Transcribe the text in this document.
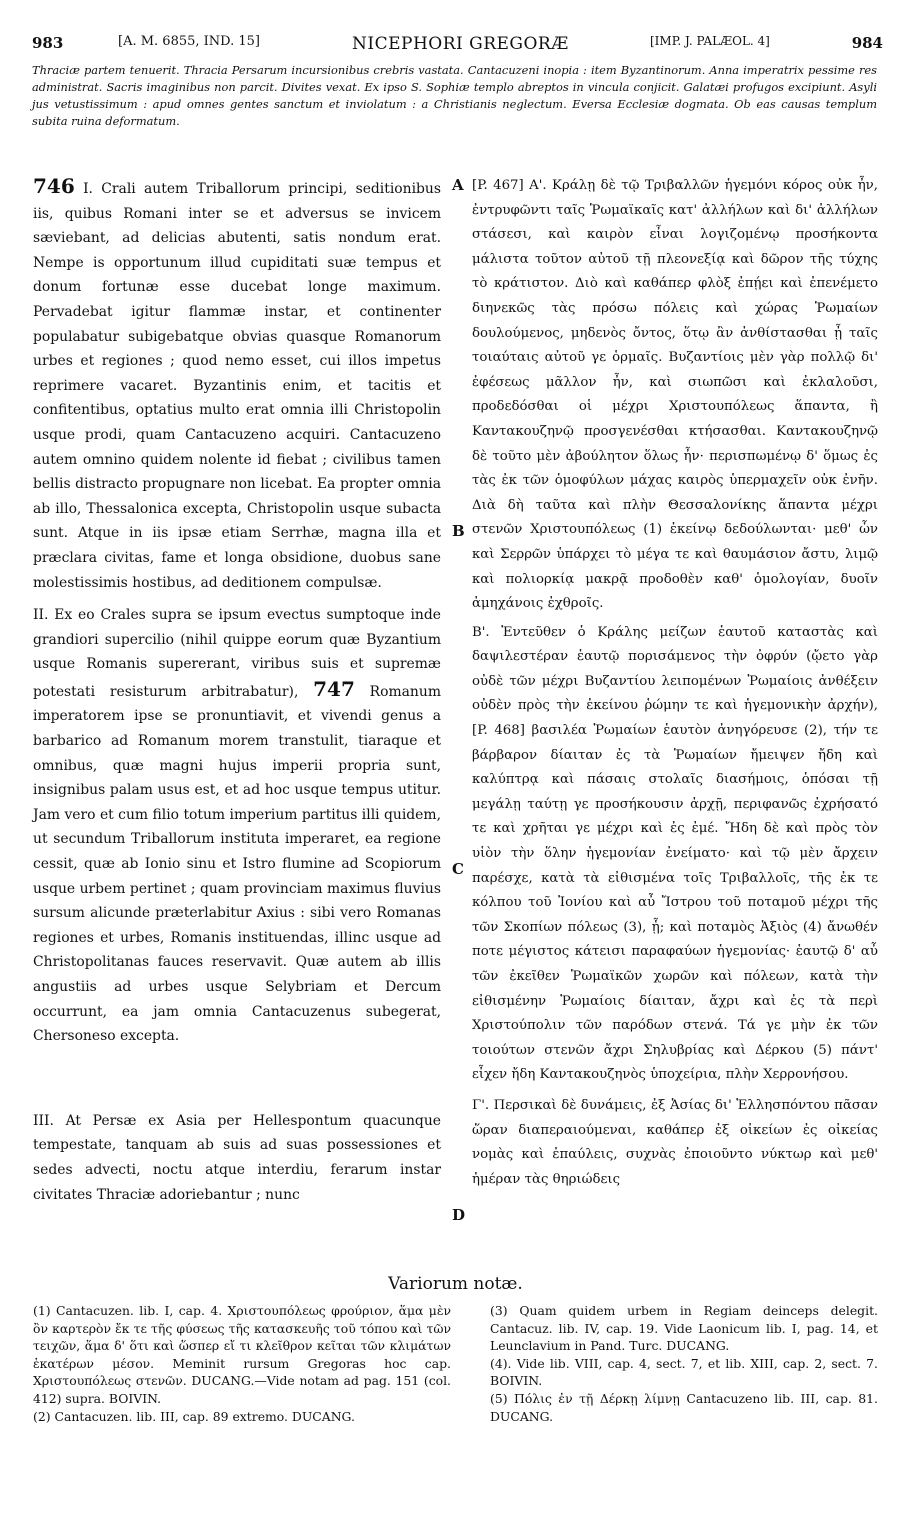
983	[A. M. 6855, IND. 15]	NICEPHORI GREGORÆ	[IMP. J. PALÆOL. 4]	984
Thraciæ partem tenuerit. Thracia Persarum incursionibus crebris vastata. Cantacuzeni inopia : item Byzantinorum. Anna imperatrix pessime res administrat. Sacris imaginibus non parcit. Divites vexat. Ex ipso S. Sophiæ templo abreptos in vincula conjicit. Galatæi profugos excipiunt. Asyli jus vetustissimum : apud omnes gentes sanctum et inviolatum : a Christianis neglectum. Eversa Ecclesiæ dogmata. Ob eas causas templum subita ruina deformatum.

746 I. Crali autem Triballorum principi, seditionibus iis, quibus Romani inter se et adversus se invicem sæviebant, ad delicias abutenti, satis nondum erat. Nempe is opportunum illud cupiditati suæ tempus et donum fortunæ esse ducebat longe maximum. Pervadebat igitur flammæ instar, et continenter populabatur subigebatque obvias quasque Romanorum urbes et regiones ; quod nemo esset, cui illos impetus reprimere vacaret. Byzantinis enim, et tacitis et confitentibus, optatius multo erat omnia illi Christopolin usque prodi, quam Cantacuzeno acquiri. Cantacuzeno autem omnino quidem nolente id fiebat ; civilibus tamen bellis distracto propugnare non licebat. Ea propter omnia ab illo, Thessalonica excepta, Christopolin usque subacta sunt. Atque in iis ipsæ etiam Serrhæ, magna illa et præclara civitas, fame et longa obsidione, duobus sane molestissimis hostibus, ad deditionem compulsæ.

II. Ex eo Crales supra se ipsum evectus sumptoque inde grandiori supercilio (nihil quippe eorum quæ Byzantium usque Romanis supererant, viribus suis et supremæ potestati resisturum arbitrabatur), 747 Romanum imperatorem ipse se pronuntiavit, et vivendi genus a barbarico ad Romanum morem transtulit, tiaraque et omnibus, quæ magni hujus imperii propria sunt, insignibus palam usus est, et ad hoc usque tempus utitur. Jam vero et cum filio totum imperium partitus illi quidem, ut secundum Triballorum instituta imperaret, ea regione cessit, quæ ab Ionio sinu et Istro flumine ad Scopiorum usque urbem pertinet ; quam provinciam maximus fluvius sursum alicunde præterlabitur Axius : sibi vero Romanas regiones et urbes, Romanis instituendas, illinc usque ad Christopolitanas fauces reservavit. Quæ autem ab illis angustiis ad urbes usque Selybriam et Dercum occurrunt, ea jam omnia Cantacuzenus subegerat, Chersoneso excepta.

III. At Persæ ex Asia per Hellespontum quacunque tempestate, tanquam ab suis ad suas possessiones et sedes advecti, noctu atque interdiu, ferarum instar civitates Thraciæ adoriebantur ; nunc

A
B
C
D

[P. 467] Α'. Κράλῃ δὲ τῷ Τριβαλλῶν ἡγεμόνι κόρος οὐκ ἦν, ἐντρυφῶντι ταῖς Ῥωμαϊκαῖς κατ' ἀλλήλων καὶ δι' ἀλλήλων στάσεσι, καὶ καιρὸν εἶναι λογιζομένῳ προσήκοντα μάλιστα τοῦτον αὐτοῦ τῇ πλεονεξίᾳ καὶ δῶρον τῆς τύχης τὸ κράτιστον. Διὸ καὶ καθάπερ φλὸξ ἐπῄει καὶ ἐπενέμετο διηνεκῶς τὰς πρόσω πόλεις καὶ χώρας Ῥωμαίων δουλούμενος, μηδενὸς ὄντος, ὅτῳ ἂν ἀνθίστασθαι ᾖ ταῖς τοιαύταις αὐτοῦ γε ὁρμαῖς. Βυζαντίοις μὲν γὰρ πολλῷ δι' ἐφέσεως μᾶλλον ἦν, καὶ σιωπῶσι καὶ ἐκλαλοῦσι, προδεδόσθαι οἱ μέχρι Χριστουπόλεως ἅπαντα, ἢ Καντακουζηνῷ προσγενέσθαι κτήσασθαι. Καντακουζηνῷ δὲ τοῦτο μὲν ἀβούλητον ὅλως ἦν· περισπωμένῳ δ' ὅμως ἐς τὰς ἐκ τῶν ὁμοφύλων μάχας καιρὸς ὑπερμαχεῖν οὐκ ἐνῆν. Διὰ δὴ ταῦτα καὶ πλὴν Θεσσαλονίκης ἅπαντα μέχρι στενῶν Χριστουπόλεως (1) ἐκείνῳ δεδούλωνται· μεθ' ὧν καὶ Σερρῶν ὑπάρχει τὸ μέγα τε καὶ θαυμάσιον ἄστυ, λιμῷ καὶ πολιορκίᾳ μακρᾷ προδοθὲν καθ' ὁμολογίαν, δυοῖν ἀμηχάνοις ἐχθροῖς.

Β'. Ἐντεῦθεν ὁ Κράλης μείζων ἑαυτοῦ καταστὰς καὶ δαψιλεστέραν ἑαυτῷ πορισάμενος τὴν ὀφρύν (ᾤετο γὰρ οὐδὲ τῶν μέχρι Βυζαντίου λειπομένων Ῥωμαίοις ἀνθέξειν οὐδὲν πρὸς τὴν ἐκείνου ῥώμην τε καὶ ἡγεμονικὴν ἀρχήν), [P. 468] βασιλέα Ῥωμαίων ἑαυτὸν ἀνηγόρευσε (2), τήν τε βάρβαρον δίαιταν ἐς τὰ Ῥωμαίων ἤμειψεν ἤδη καὶ καλύπτρᾳ καὶ πάσαις στολαῖς διασήμοις, ὁπόσαι τῇ μεγάλῃ ταύτῃ γε προσήκουσιν ἀρχῇ, περιφανῶς ἐχρήσατό τε καὶ χρῆται γε μέχρι καὶ ἐς ἐμέ. Ἤδη δὲ καὶ πρὸς τὸν υἱὸν τὴν ὅλην ἡγεμονίαν ἐνείματο· καὶ τῷ μὲν ἄρχειν παρέσχε, κατὰ τὰ εἰθισμένα τοῖς Τριβαλλοῖς, τῆς ἐκ τε κόλπου τοῦ Ἰονίου καὶ αὖ Ἴστρου τοῦ ποταμοῦ μέχρι τῆς τῶν Σκοπίων πόλεως (3), ᾗ; καὶ ποταμὸς Ἀξιὸς (4) ἄνωθέν ποτε μέγιστος κάτεισι παραφαύων ἡγεμονίας· ἑαυτῷ δ' αὖ τῶν ἐκεῖθεν Ῥωμαϊκῶν χωρῶν καὶ πόλεων, κατὰ τὴν εἰθισμένην Ῥωμαίοις δίαιταν, ἄχρι καὶ ἐς τὰ περὶ Χριστούπολιν τῶν παρόδων στενά. Τά γε μὴν ἐκ τῶν τοιούτων στενῶν ἄχρι Σηλυβρίας καὶ Δέρκου (5) πάντ' εἶχεν ἤδη Καντακουζηνὸς ὑποχείρια, πλὴν Χερρονήσου.

Γ'. Περσικαὶ δὲ δυνάμεις, ἐξ Ἀσίας δι' Ἑλλησπόντου πᾶσαν ὥραν διαπεραιούμεναι, καθάπερ ἐξ οἰκείων ἐς οἰκείας νομὰς καὶ ἐπαύλεις, συχνὰς ἐποιοῦντο νύκτωρ καὶ μεθ' ἡμέραν τὰς θηριώδεις

Variorum notæ.

(1) Cantacuzen. lib. I, cap. 4. Χριστουπόλεως φρούριον, ἅμα μὲν ὂν καρτερὸν ἔκ τε τῆς φύσεως τῆς κατασκευῆς τοῦ τόπου καὶ τῶν τειχῶν, ἅμα δ' ὅτι καὶ ὥσπερ εἴ τι κλεῖθρον κεῖται τῶν κλιμάτων ἑκατέρων μέσον. Meminit rursum Gregoras hoc cap. Χριστουπόλεως στενῶν. DUCANG.—Vide notam ad pag. 151 (col. 412) supra. BOIVIN.

(2) Cantacuzen. lib. III, cap. 89 extremo. DUCANG.

(3) Quam quidem urbem in Regiam deinceps delegit. Cantacuz. lib. IV, cap. 19. Vide Laonicum lib. I, pag. 14, et Leunclavium in Pand. Turc. DUCANG.

(4). Vide lib. VIII, cap. 4, sect. 7, et lib. XIII, cap. 2, sect. 7. BOIVIN.

(5) Πόλις ἐν τῇ Δέρκῃ λίμνῃ Cantacuzeno lib. III, cap. 81. DUCANG.
